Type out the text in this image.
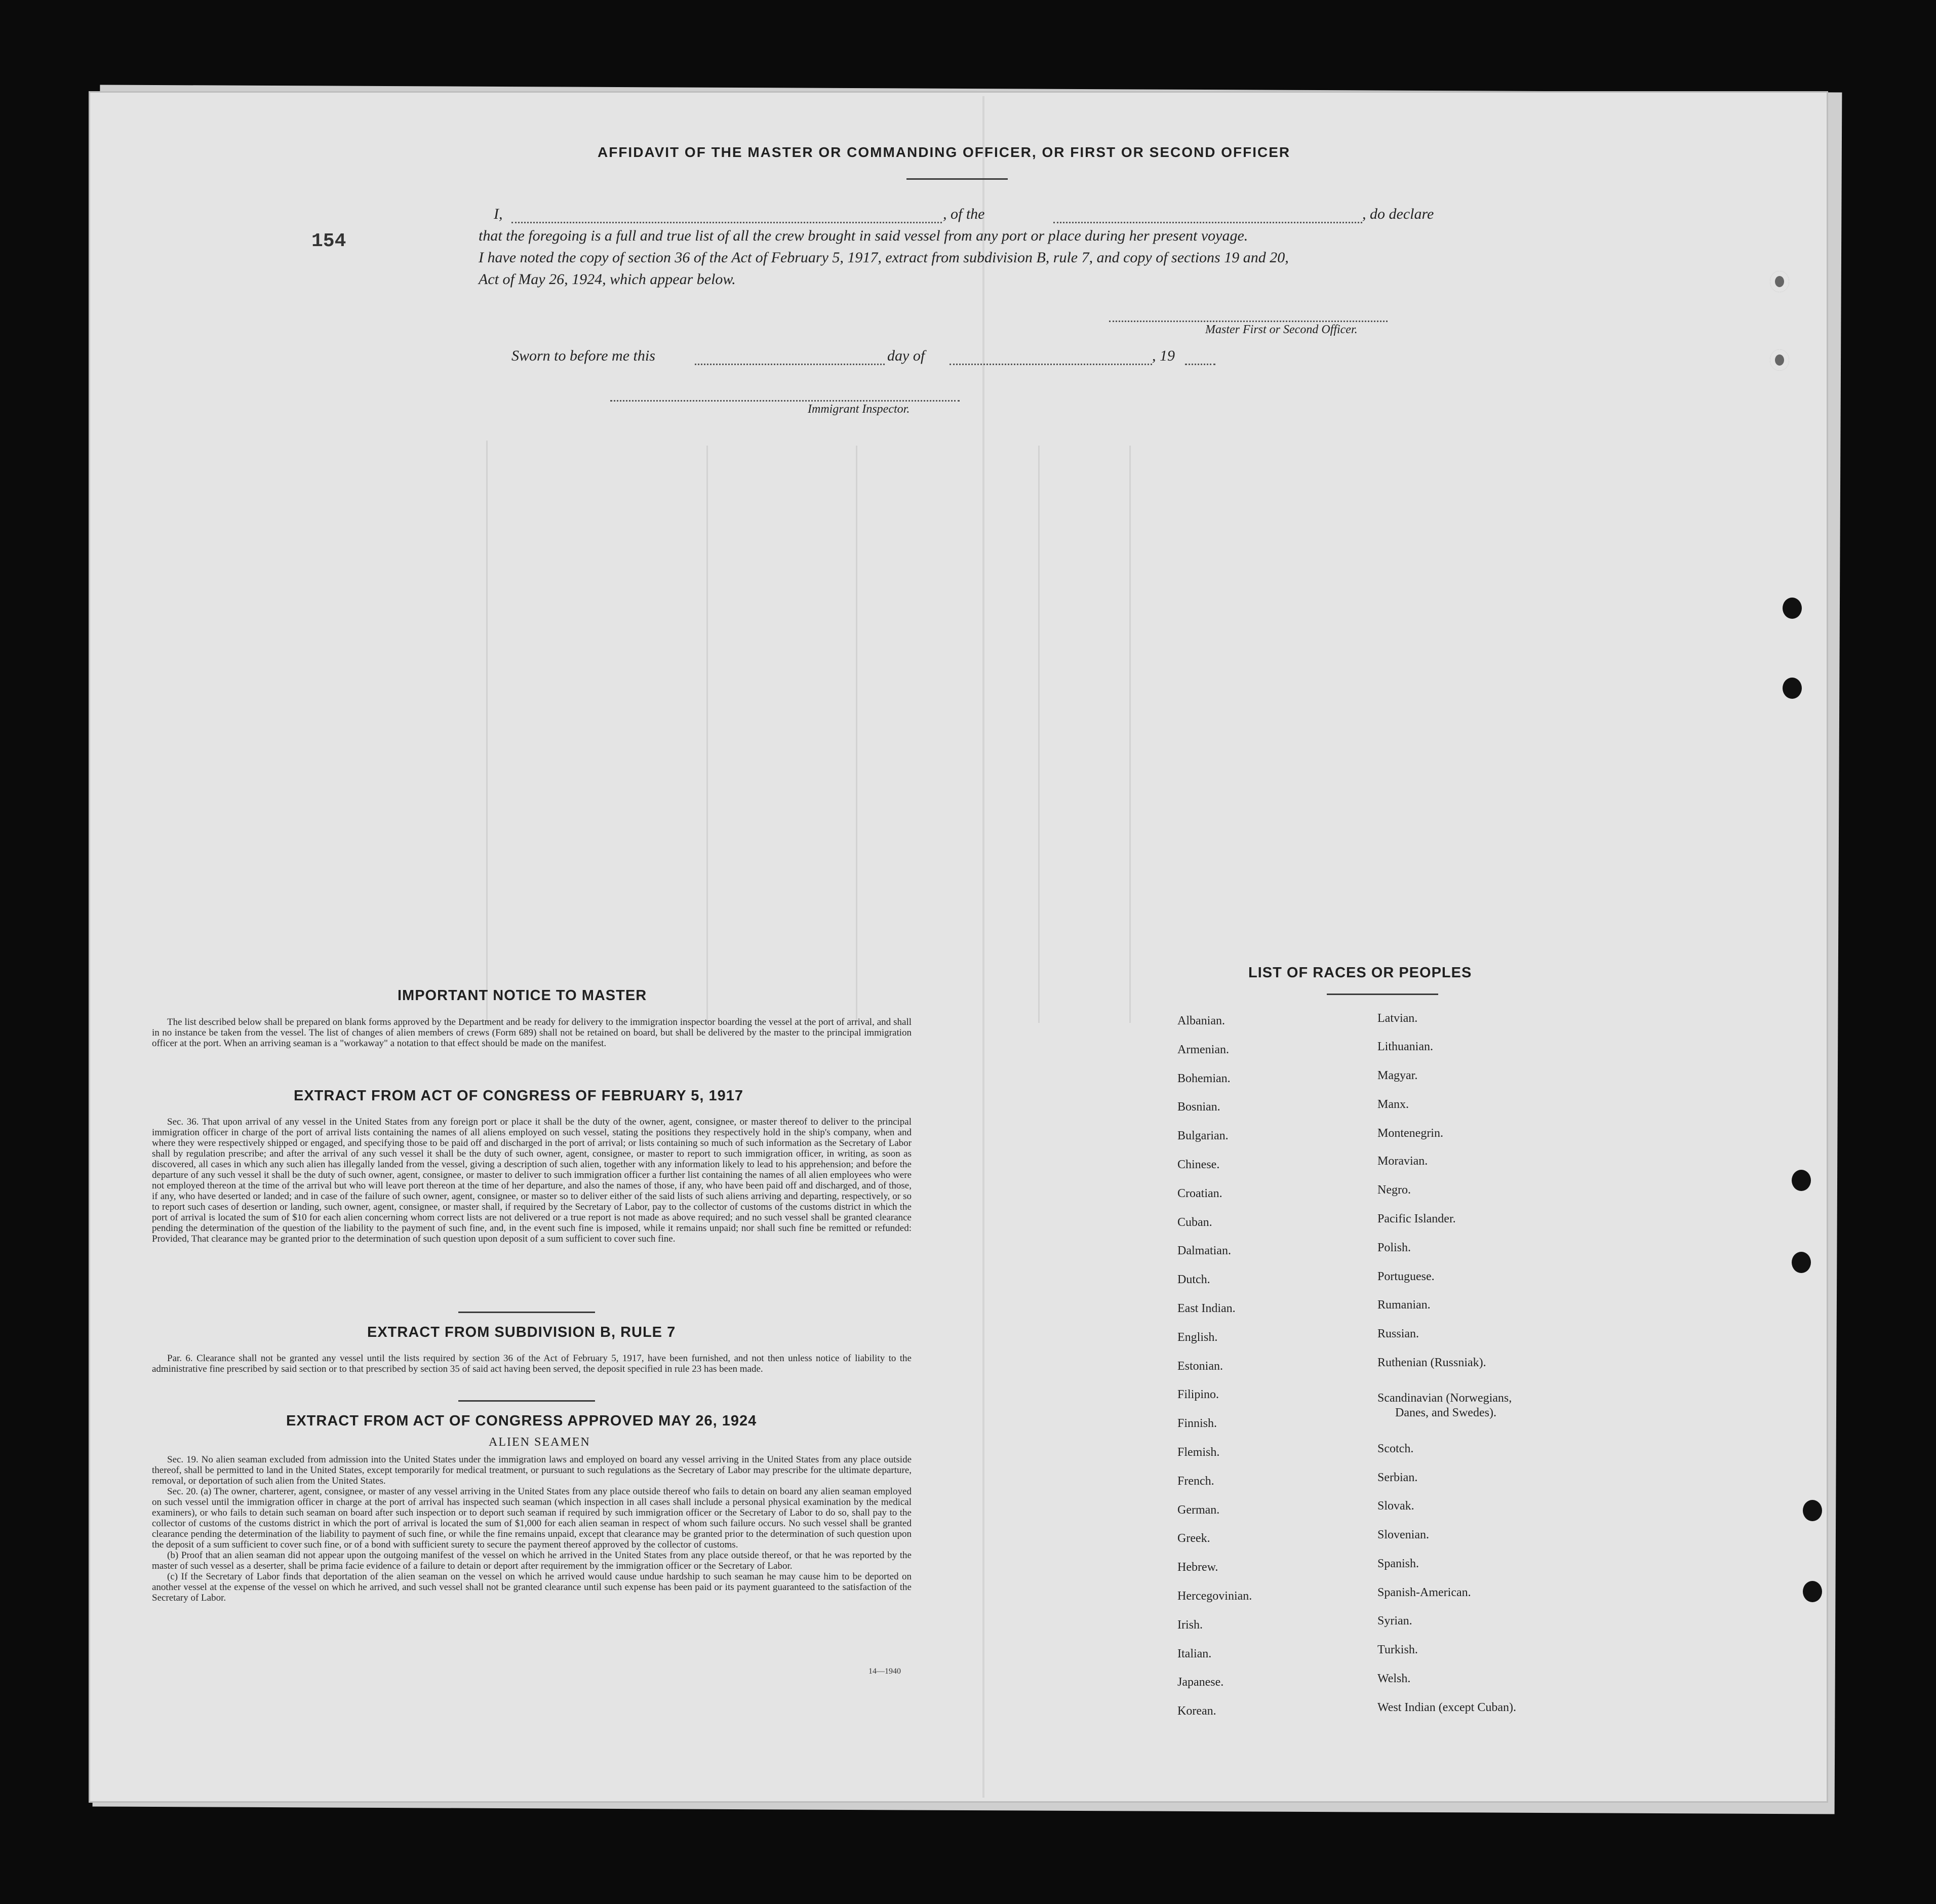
154
AFFIDAVIT OF THE MASTER OR COMMANDING OFFICER, OR FIRST OR SECOND OFFICER
I,	, of the	, do declare
that the foregoing is a full and true list of all the crew brought in said vessel from any port or place during her present voyage.
I have noted the copy of section 36 of the Act of February 5, 1917, extract from subdivision B, rule 7, and copy of sections 19 and 20,
Act of May 26, 1924, which appear below.
Master First or Second Officer.
Sworn to before me this	day of	, 19
Immigrant Inspector.
IMPORTANT NOTICE TO MASTER

The list described below shall be prepared on blank forms approved by the Department and be ready for delivery to the immigration inspector boarding the vessel at the port of arrival, and shall in no instance be taken from the vessel. The list of changes of alien members of crews (Form 689) shall not be retained on board, but shall be delivered by the master to the principal immigration officer at the port. When an arriving seaman is a "workaway" a notation to that effect should be made on the manifest.

EXTRACT FROM ACT OF CONGRESS OF FEBRUARY 5, 1917

Sec. 36. That upon arrival of any vessel in the United States from any foreign port or place it shall be the duty of the owner, agent, consignee, or master thereof to deliver to the principal immigration officer in charge of the port of arrival lists containing the names of all aliens employed on such vessel, stating the positions they respectively hold in the ship's company, when and where they were respectively shipped or engaged, and specifying those to be paid off and discharged in the port of arrival; or lists containing so much of such information as the Secretary of Labor shall by regulation prescribe; and after the arrival of any such vessel it shall be the duty of such owner, agent, consignee, or master to report to such immigration officer, in writing, as soon as discovered, all cases in which any such alien has illegally landed from the vessel, giving a description of such alien, together with any information likely to lead to his apprehension; and before the departure of any such vessel it shall be the duty of such owner, agent, consignee, or master to deliver to such immigration officer a further list containing the names of all alien employees who were not employed thereon at the time of the arrival but who will leave port thereon at the time of her departure, and also the names of those, if any, who have been paid off and discharged, and of those, if any, who have deserted or landed; and in case of the failure of such owner, agent, consignee, or master so to deliver either of the said lists of such aliens arriving and departing, respectively, or so to report such cases of desertion or landing, such owner, agent, consignee, or master shall, if required by the Secretary of Labor, pay to the collector of customs of the customs district in which the port of arrival is located the sum of $10 for each alien concerning whom correct lists are not delivered or a true report is not made as above required; and no such vessel shall be granted clearance pending the determination of the question of the liability to the payment of such fine, and, in the event such fine is imposed, while it remains unpaid; nor shall such fine be remitted or refunded: Provided, That clearance may be granted prior to the determination of such question upon deposit of a sum sufficient to cover such fine.

EXTRACT FROM SUBDIVISION B, RULE 7

Par. 6. Clearance shall not be granted any vessel until the lists required by section 36 of the Act of February 5, 1917, have been furnished, and not then unless notice of liability to the administrative fine prescribed by said section or to that prescribed by section 35 of said act having been served, the deposit specified in rule 23 has been made.

EXTRACT FROM ACT OF CONGRESS APPROVED MAY 26, 1924
ALIEN SEAMEN

Sec. 19. No alien seaman excluded from admission into the United States under the immigration laws and employed on board any vessel arriving in the United States from any place outside thereof, shall be permitted to land in the United States, except temporarily for medical treatment, or pursuant to such regulations as the Secretary of Labor may prescribe for the ultimate departure, removal, or deportation of such alien from the United States.

Sec. 20. (a) The owner, charterer, agent, consignee, or master of any vessel arriving in the United States from any place outside thereof who fails to detain on board any alien seaman employed on such vessel until the immigration officer in charge at the port of arrival has inspected such seaman (which inspection in all cases shall include a personal physical examination by the medical examiners), or who fails to detain such seaman on board after such inspection or to deport such seaman if required by such immigration officer or the Secretary of Labor to do so, shall pay to the collector of customs of the customs district in which the port of arrival is located the sum of $1,000 for each alien seaman in respect of whom such failure occurs. No such vessel shall be granted clearance pending the determination of the liability to payment of such fine, or while the fine remains unpaid, except that clearance may be granted prior to the determination of such question upon the deposit of a sum sufficient to cover such fine, or of a bond with sufficient surety to secure the payment thereof approved by the collector of customs.

(b) Proof that an alien seaman did not appear upon the outgoing manifest of the vessel on which he arrived in the United States from any place outside thereof, or that he was reported by the master of such vessel as a deserter, shall be prima facie evidence of a failure to detain or deport after requirement by the immigration officer or the Secretary of Labor.

(c) If the Secretary of Labor finds that deportation of the alien seaman on the vessel on which he arrived would cause undue hardship to such seaman he may cause him to be deported on another vessel at the expense of the vessel on which he arrived, and such vessel shall not be granted clearance until such expense has been paid or its payment guaranteed to the satisfaction of the Secretary of Labor.

14—1940
LIST OF RACES OR PEOPLES
Albanian.
Armenian.
Bohemian.
Bosnian.
Bulgarian.
Chinese.
Croatian.
Cuban.
Dalmatian.
Dutch.
East Indian.
English.
Estonian.
Filipino.
Finnish.
Flemish.
French.
German.
Greek.
Hebrew.
Hercegovinian.
Irish.
Italian.
Japanese.
Korean.
Latvian.
Lithuanian.
Magyar.
Manx.
Montenegrin.
Moravian.
Negro.
Pacific Islander.
Polish.
Portuguese.
Rumanian.
Russian.
Ruthenian (Russniak).
Scandinavian (Norwegians,
Danes, and Swedes).
Scotch.
Serbian.
Slovak.
Slovenian.
Spanish.
Spanish-American.
Syrian.
Turkish.
Welsh.
West Indian (except Cuban).
